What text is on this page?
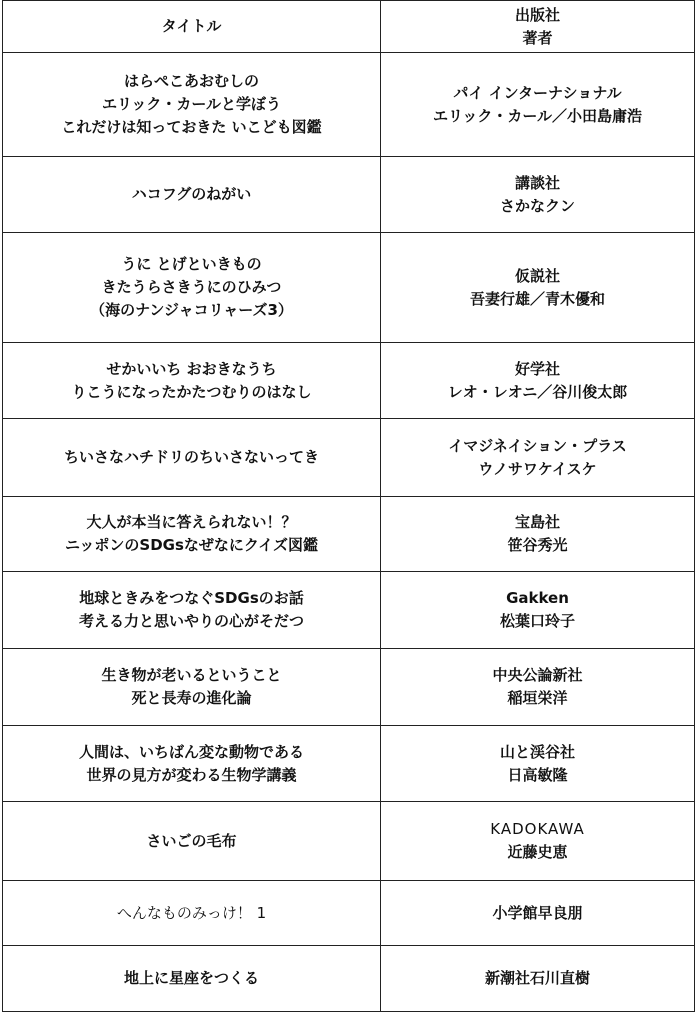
タイトル	出版社
著者

はらぺこあおむしの
エリック・カールと学ぼう
これだけは知っておきた いこども図鑑	パイ インターナショナル
エリック・カール／小田島庸浩

ハコフグのねがい	講談社
さかなクン

うに とげといきもの
きたうらさきうにのひみつ
（海のナンジャコリャーズ3）	仮説社
吾妻行雄／青木優和

せかいいち おおきなうち
りこうになったかたつむりのはなし	好学社
レオ・レオニ／谷川俊太郎

ちいさなハチドリのちいさないってき	イマジネイション・プラス
ウノサワケイスケ

大人が本当に答えられない！？
ニッポンのSDGsなぜなにクイズ図鑑	宝島社
笹谷秀光

地球ときみをつなぐSDGsのお話
考える力と思いやりの心がそだつ	Gakken
松葉口玲子

生き物が老いるということ
死と長寿の進化論	中央公論新社
稲垣栄洋

人間は、いちばん変な動物である
世界の見方が変わる生物学講義	山と渓谷社
日高敏隆

さいごの毛布	KADOKAWA
近藤史恵

へんなものみっけ！ 1	小学館早良朋

地上に星座をつくる	新潮社石川直樹
